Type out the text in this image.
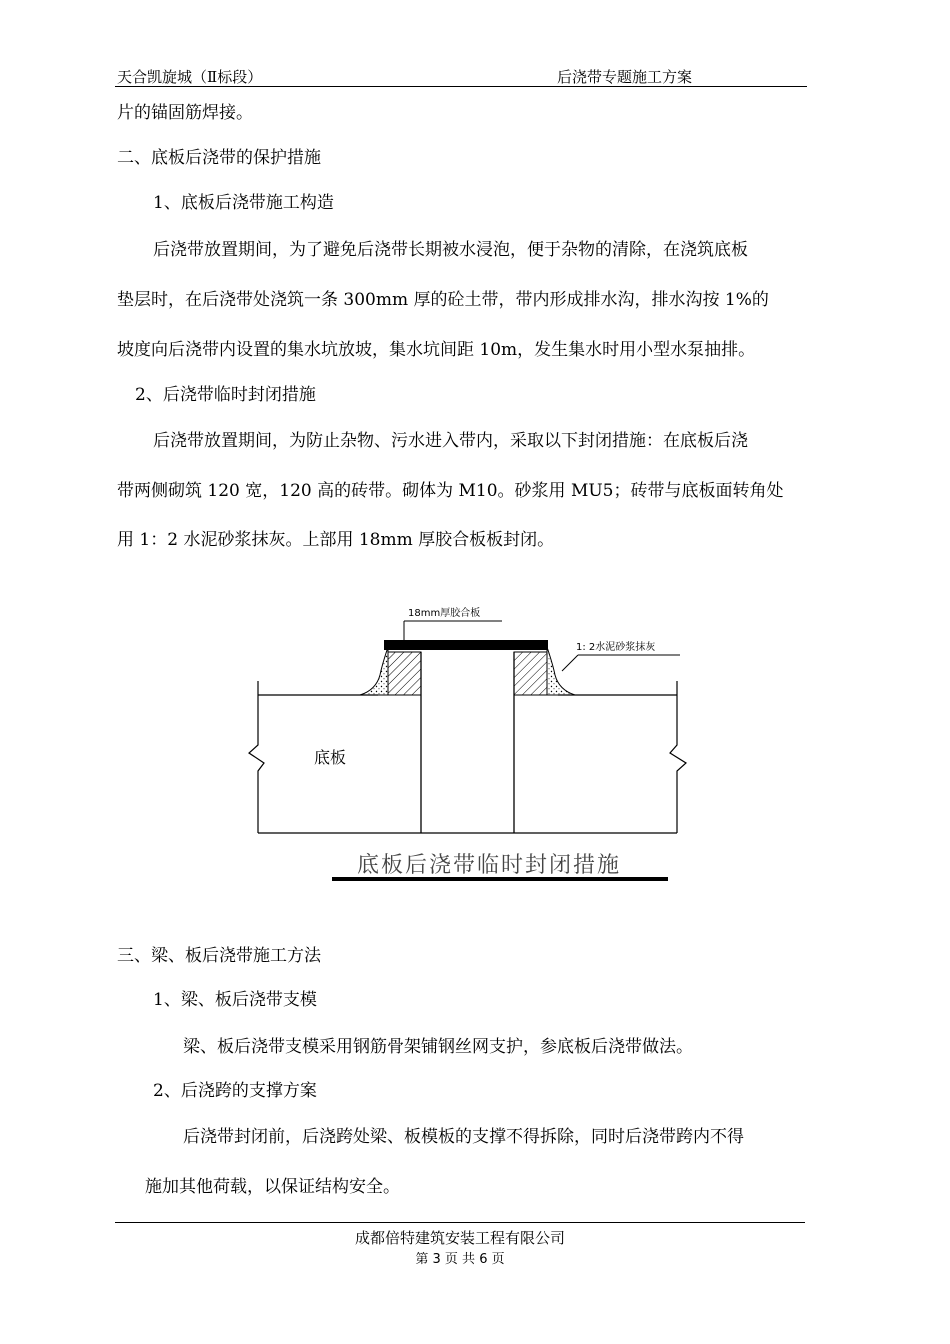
天合凯旋城（Ⅱ标段）	后浇带专题施工方案
片的锚固筋焊接。
二、底板后浇带的保护措施
1、底板后浇带施工构造
后浇带放置期间，为了避免后浇带长期被水浸泡，便于杂物的清除，在浇筑底板
垫层时，在后浇带处浇筑一条 300mm 厚的砼土带，带内形成排水沟，排水沟按 1%的
坡度向后浇带内设置的集水坑放坡，集水坑间距 10m，发生集水时用小型水泵抽排。
2、后浇带临时封闭措施
后浇带放置期间，为防止杂物、污水进入带内，采取以下封闭措施：在底板后浇
带两侧砌筑 120 宽，120 高的砖带。砌体为 M10。砂浆用 MU5；砖带与底板面转角处
用 1：2 水泥砂浆抹灰。上部用 18mm 厚胶合板板封闭。
18mm厚胶合板
1: 2水泥砂浆抹灰
底板
底板后浇带临时封闭措施
三、梁、板后浇带施工方法
1、梁、板后浇带支模
梁、板后浇带支模采用钢筋骨架铺钢丝网支护，参底板后浇带做法。
2、后浇跨的支撑方案
后浇带封闭前，后浇跨处梁、板模板的支撑不得拆除，同时后浇带跨内不得
施加其他荷载，以保证结构安全。
成都倍特建筑安装工程有限公司
第 3 页 共 6 页
